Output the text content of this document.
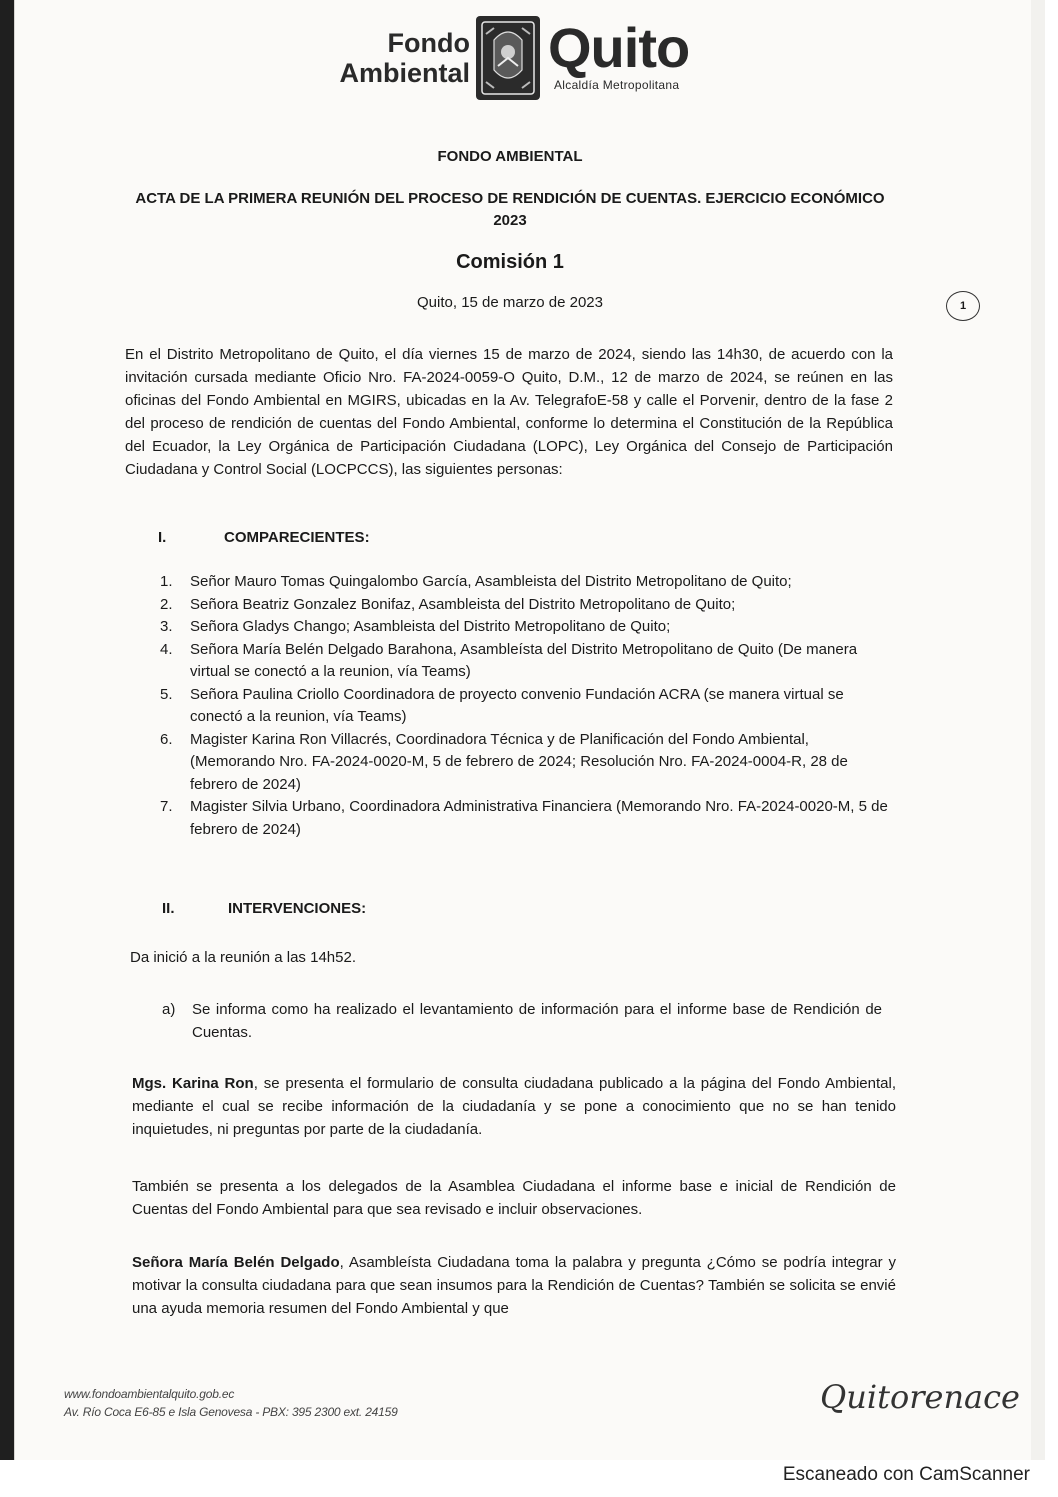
Fondo
Ambiental Quito
Alcaldía Metropolitana
FONDO AMBIENTAL
ACTA DE LA PRIMERA REUNIÓN DEL PROCESO DE RENDICIÓN DE CUENTAS. EJERCICIO ECONÓMICO 2023
Comisión 1
Quito, 15 de marzo de 2023	1
En el Distrito Metropolitano de Quito, el día viernes 15 de marzo de 2024, siendo las 14h30, de acuerdo con la invitación cursada mediante Oficio Nro. FA-2024-0059-O Quito, D.M., 12 de marzo de 2024, se reúnen en las oficinas del Fondo Ambiental en MGIRS, ubicadas en la Av. TelegrafoE-58 y calle el Porvenir, dentro de la fase 2 del proceso de rendición de cuentas del Fondo Ambiental, conforme lo determina el Constitución de la República del Ecuador, la Ley Orgánica de Participación Ciudadana (LOPC), Ley Orgánica del Consejo de Participación Ciudadana y Control Social (LOCPCCS), las siguientes personas:
I.	COMPARECIENTES:
1. Señor Mauro Tomas Quingalombo García, Asambleista del Distrito Metropolitano de Quito;
2. Señora Beatriz Gonzalez Bonifaz, Asambleista del Distrito Metropolitano de Quito;
3. Señora Gladys Chango; Asambleista del Distrito Metropolitano de Quito;
4. Señora María Belén Delgado Barahona, Asambleísta del Distrito Metropolitano de Quito (De manera virtual se conectó a la reunion, vía Teams)
5. Señora Paulina Criollo Coordinadora de proyecto convenio Fundación ACRA (se manera virtual se conectó a la reunion, vía Teams)
6. Magister Karina Ron Villacrés, Coordinadora Técnica y de Planificación del Fondo Ambiental, (Memorando Nro. FA-2024-0020-M, 5 de febrero de 2024; Resolución Nro. FA-2024-0004-R, 28 de febrero de 2024)
7. Magister Silvia Urbano, Coordinadora Administrativa Financiera (Memorando Nro. FA-2024-0020-M, 5 de febrero de 2024)
II.	INTERVENCIONES:
Da inició a la reunión a las 14h52.
a)	Se informa como ha realizado el levantamiento de información para el informe base de Rendición de Cuentas.
Mgs. Karina Ron, se presenta el formulario de consulta ciudadana publicado a la página del Fondo Ambiental, mediante el cual se recibe información de la ciudadanía y se pone a conocimiento que no se han tenido inquietudes, ni preguntas por parte de la ciudadanía.
También se presenta a los delegados de la Asamblea Ciudadana el informe base e inicial de Rendición de Cuentas del Fondo Ambiental para que sea revisado e incluir observaciones.
Señora María Belén Delgado, Asambleísta Ciudadana toma la palabra y pregunta ¿Cómo se podría integrar y motivar la consulta ciudadana para que sean insumos para la Rendición de Cuentas? También se solicita se envié una ayuda memoria resumen del Fondo Ambiental y que
www.fondoambientalquito.gob.ec
Av. Río Coca E6-85 e Isla Genovesa - PBX: 395 2300 ext. 24159	Quitorenace
Escaneado con CamScanner
